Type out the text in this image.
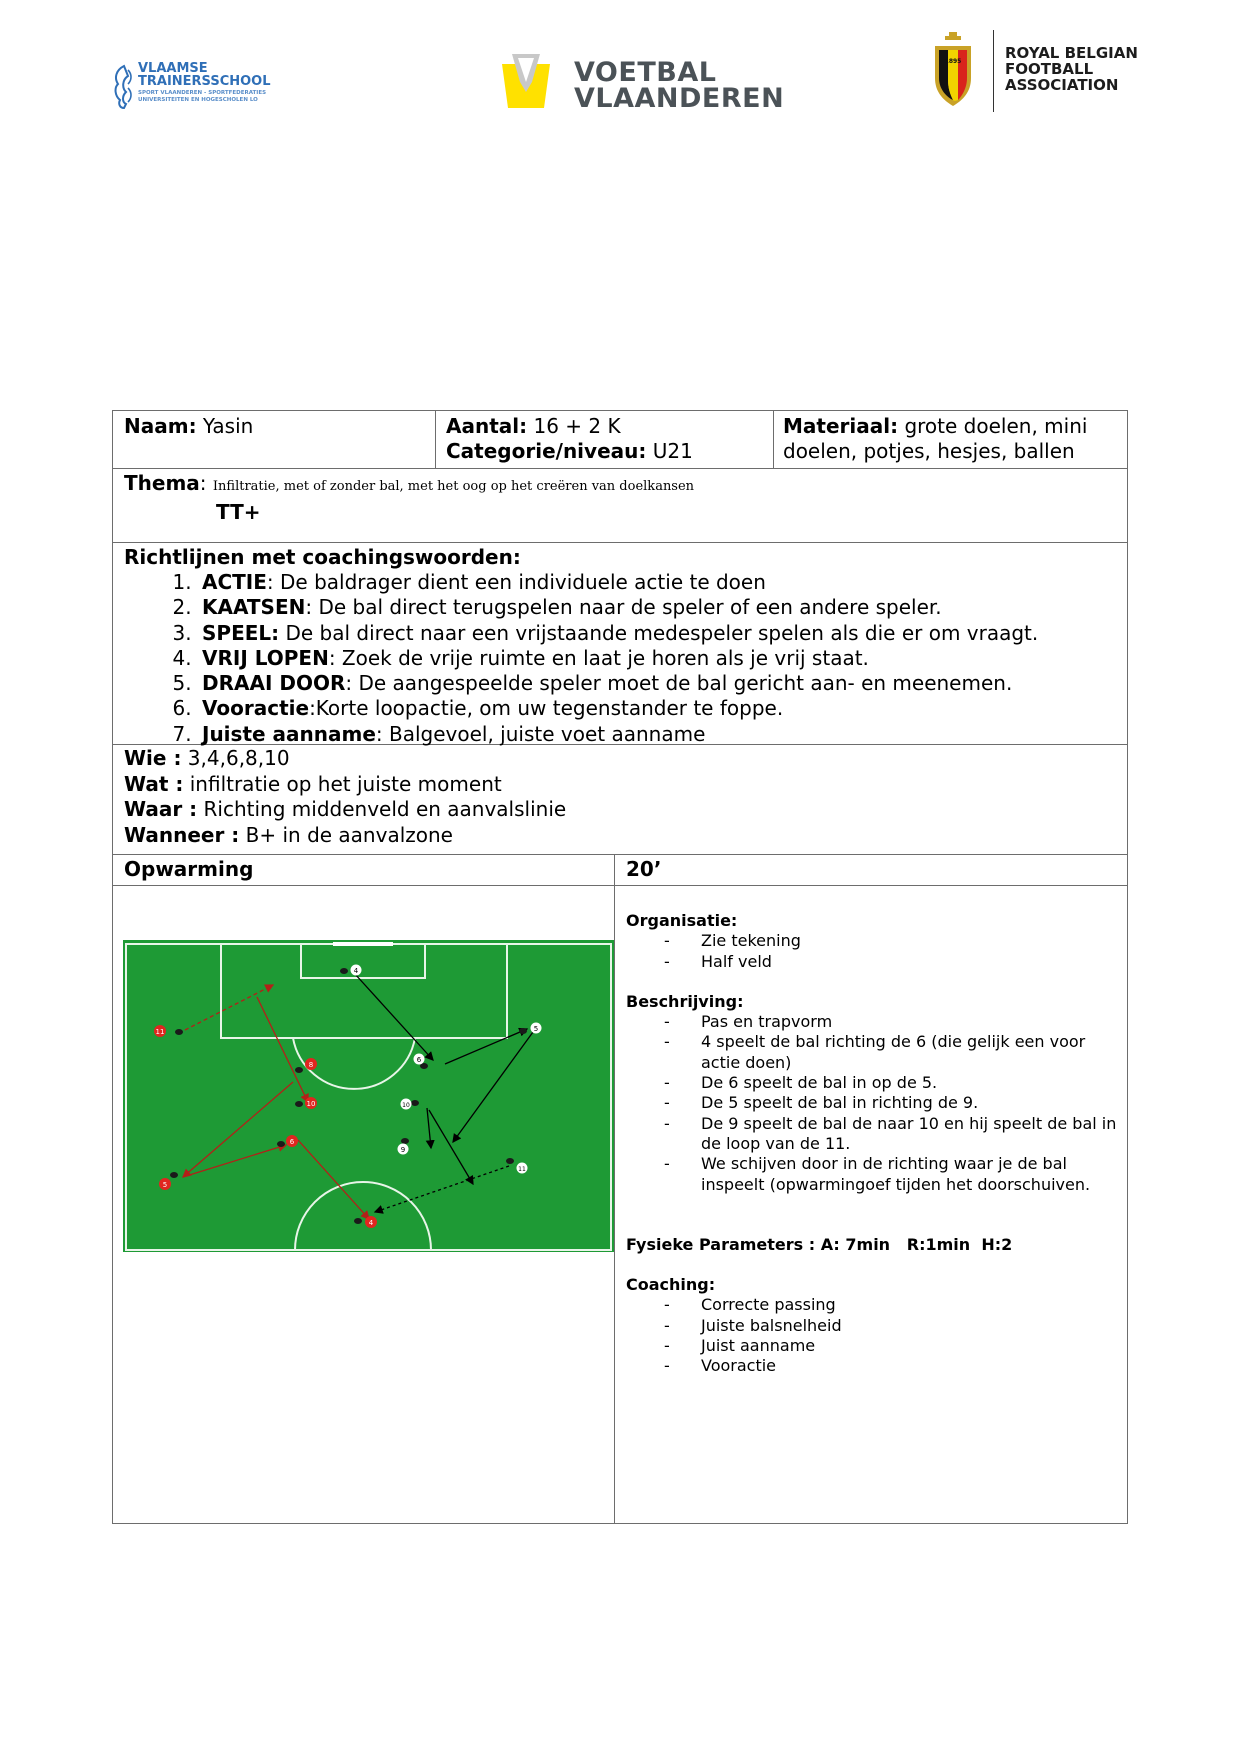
VLAAMSE
TRAINERSSCHOOL
SPORT VLAANDEREN - SPORTFEDERATIES
UNIVERSITEITEN EN HOGESCHOLEN LO
VOETBAL
VLAANDEREN
1895	ROYAL BELGIAN
FOOTBALL
ASSOCIATION
Naam: Yasin	Aantal: 16 + 2 K
Categorie/niveau: U21
Materiaal: grote doelen, mini doelen, potjes, hesjes, ballen
Thema: Infiltratie, met of zonder bal, met het oog op het creëren van doelkansen
TT+
Richtlijnen met coachingswoorden:
1. ACTIE: De baldrager dient een individuele actie te doen
2. KAATSEN: De bal direct terugspelen naar de speler of een andere speler.
3. SPEEL: De bal direct naar een vrijstaande medespeler spelen als die er om vraagt.
4. VRIJ LOPEN: Zoek de vrije ruimte en laat je horen als je vrij staat.
5. DRAAI DOOR: De aangespeelde speler moet de bal gericht aan- en meenemen.
6. Vooractie:Korte loopactie, om uw tegenstander te foppe.
7. Juiste aanname: Balgevoel, juiste voet aanname
Wie : 3,4,6,8,10
Wat : infiltratie op het juiste moment
Waar : Richting middenveld en aanvalslinie
Wanneer : B+ in de aanvalzone
Opwarming	20’
Organisatie:
- Zie tekening
- Half veld
Beschrijving:
- Pas en trapvorm
- 4 speelt de bal richting de 6 (die gelijk een voor actie doen)
- De 6 speelt de bal in op de 5.
- De 5 speelt de bal in richting de 9.
- De 9 speelt de bal de naar 10 en hij speelt de bal in de loop van de 11.
- We schijven door in de richting waar je de bal inspeelt (opwarmingoef tijden het doorschuiven.
Fysieke Parameters : A: 7min   R:1min  H:2
Coaching:
- Correcte passing
- Juiste balsnelheid
- Juist aanname
- Vooractie
11
8
10
6
5
4
4
5
6
10
9
11
